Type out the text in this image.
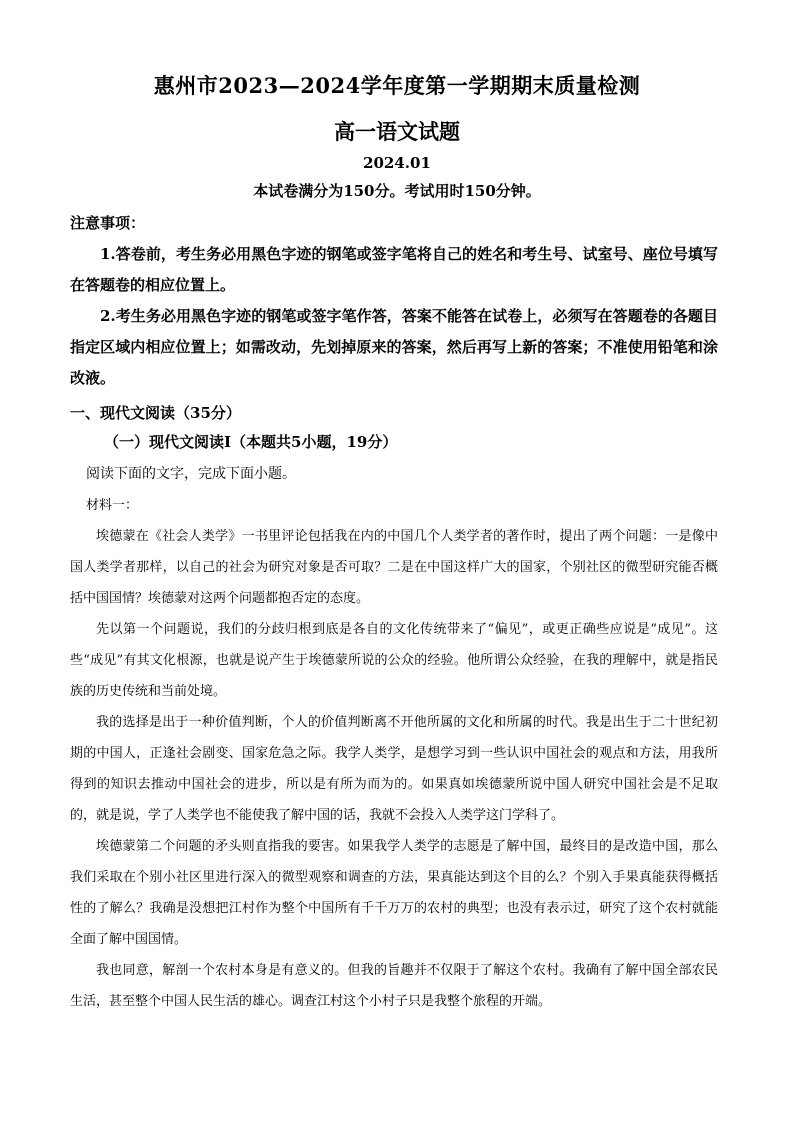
惠州市2023—2024学年度第一学期期末质量检测
高一语文试题
2024.01
本试卷满分为150分。考试用时150分钟。
注意事项：

1.答卷前，考生务必用黑色字迹的钢笔或签字笔将自己的姓名和考生号、试室号、座位号填写在答题卷的相应位置上。

2.考生务必用黑色字迹的钢笔或签字笔作答，答案不能答在试卷上，必须写在答题卷的各题目指定区域内相应位置上；如需改动，先划掉原来的答案，然后再写上新的答案；不准使用铅笔和涂改液。

一、现代文阅读（35分）
（一）现代文阅读Ⅰ（本题共5小题，19分）
阅读下面的文字，完成下面小题。
材料一：

埃德蒙在《社会人类学》一书里评论包括我在内的中国几个人类学者的著作时，提出了两个问题：一是像中国人类学者那样，以自己的社会为研究对象是否可取？二是在中国这样广大的国家，个别社区的微型研究能否概括中国国情？埃德蒙对这两个问题都抱否定的态度。

先以第一个问题说，我们的分歧归根到底是各自的文化传统带来了“偏见”，或更正确些应说是“成见”。这些“成见”有其文化根源，也就是说产生于埃德蒙所说的公众的经验。他所谓公众经验，在我的理解中，就是指民族的历史传统和当前处境。

我的选择是出于一种价值判断，个人的价值判断离不开他所属的文化和所属的时代。我是出生于二十世纪初期的中国人，正逢社会剧变、国家危急之际。我学人类学，是想学习到一些认识中国社会的观点和方法，用我所得到的知识去推动中国社会的进步，所以是有所为而为的。如果真如埃德蒙所说中国人研究中国社会是不足取的，就是说，学了人类学也不能使我了解中国的话，我就不会投入人类学这门学科了。

埃德蒙第二个问题的矛头则直指我的要害。如果我学人类学的志愿是了解中国，最终目的是改造中国，那么我们采取在个别小社区里进行深入的微型观察和调查的方法，果真能达到这个目的么？个别入手果真能获得概括性的了解么？我确是没想把江村作为整个中国所有千千万万的农村的典型；也没有表示过，研究了这个农村就能全面了解中国国情。

我也同意，解剖一个农村本身是有意义的。但我的旨趣并不仅限于了解这个农村。我确有了解中国全部农民生活，甚至整个中国人民生活的雄心。调查江村这个小村子只是我整个旅程的开端。
